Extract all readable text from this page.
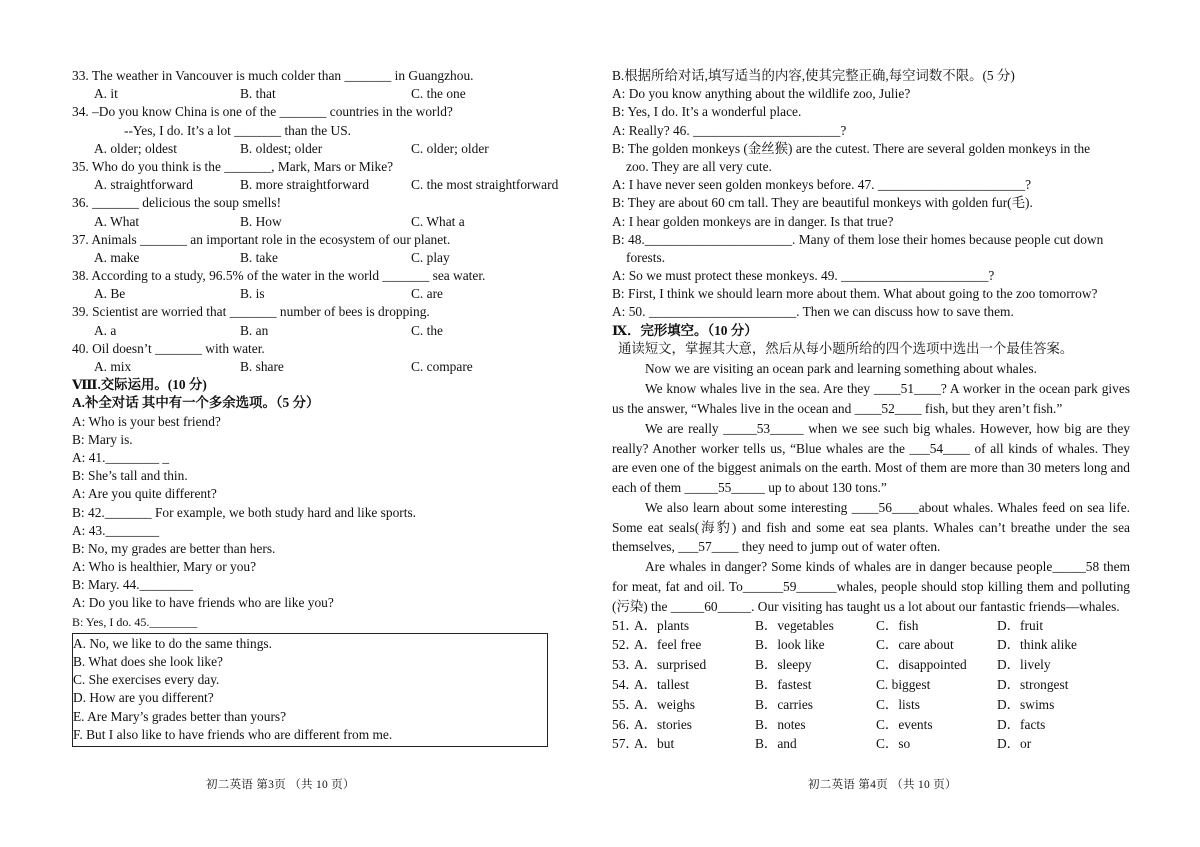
33. The weather in Vancouver is much colder than _______ in Guangzhou.
A. it	B. that	C. the one
34. –Do you know China is one of the _______ countries in the world?
--Yes, I do. It’s a lot _______ than the US.
A. older; oldest	B. oldest; older	C. older; older
35. Who do you think is the _______, Mark, Mars or Mike?
A. straightforward	B. more straightforward	C. the most straightforward
36. _______ delicious the soup smells!
A. What	B. How	C. What a
37. Animals _______ an important role in the ecosystem of our planet.
A. make	B. take	C. play
38. According to a study, 96.5% of the water in the world _______ sea water.
A. Be	B. is	C. are
39. Scientist are worried that _______ number of bees is dropping.
A. a	B. an	C. the
40. Oil doesn’t _______ with water.
A. mix	B. share	C. compare
Ⅷ.交际运用。(10 分)
A.补全对话 其中有一个多余选项。（5 分）
A: Who is your best friend?
B: Mary is.
A: 41.________ _
B: She’s tall and thin.
A: Are you quite different?
B: 42._______ For example, we both study hard and like sports.
A: 43.________
B: No, my grades are better than hers.
A: Who is healthier, Mary or you?
B: Mary. 44.________
A: Do you like to have friends who are like you?
B: Yes, I do. 45.________
A. No, we like to do the same things.
B. What does she look like?
C. She exercises every day.
D. How are you different?
E. Are Mary’s grades better than yours?
F. But I also like to have friends who are different from me.
初二英语 第3页 （共 10 页）
B.根据所给对话,填写适当的内容,使其完整正确,每空词数不限。(5 分)
A: Do you know anything about the wildlife zoo, Julie?
B: Yes, I do. It’s a wonderful place.
A: Really? 46. ______________________?
B: The golden monkeys (金丝猴) are the cutest. There are several golden monkeys in the
zoo. They are all very cute.
A: I have never seen golden monkeys before. 47. ______________________?
B: They are about 60 cm tall. They are beautiful monkeys with golden fur(毛).
A: I hear golden monkeys are in danger. Is that true?
B: 48.______________________. Many of them lose their homes because people cut down
forests.
A: So we must protect these monkeys. 49. ______________________?
B: First, I think we should learn more about them. What about going to the zoo tomorrow?
A: 50. ______________________. Then we can discuss how to save them.
Ⅸ．完形填空。（10 分）
通读短文，掌握其大意，然后从每小题所给的四个选项中选出一个最佳答案。

Now we are visiting an ocean park and learning something about whales.

We know whales live in the sea. Are they ____51____? A worker in the ocean park gives us the answer, “Whales live in the ocean and ____52____ fish, but they aren’t fish.”

We are really _____53_____ when we see such big whales. However, how big are they really? Another worker tells us, “Blue whales are the ___54____ of all kinds of whales. They are even one of the biggest animals on the earth. Most of them are more than 30 meters long and each of them _____55_____ up to about 130 tons.”

We also learn about some interesting ____56____about whales. Whales feed on sea life. Some eat seals(海豹) and fish and some eat sea plants. Whales can’t breathe under the sea themselves, ___57____ they need to jump out of water often.

Are whales in danger? Some kinds of whales are in danger because people_____58 them for meat, fat and oil. To______59______whales, people should stop killing them and polluting (污染) the _____60_____. Our visiting has taught us a lot about our fantastic friends—whales.

51．A．plants	B．vegetables	C．fish	D．fruit
52．A．feel free	B．look like	C．care about	D．think alike
53．A．surprised	B．sleepy	C．disappointed D．lively
54．A．tallest	B．fastest	C. biggest	D．strongest
55．A．weighs	B．carries	C．lists	D．swims
56．A．stories	B．notes	C．events	D．facts
57．A．but	B．and	C．so	D．or
初二英语 第4页 （共 10 页）
